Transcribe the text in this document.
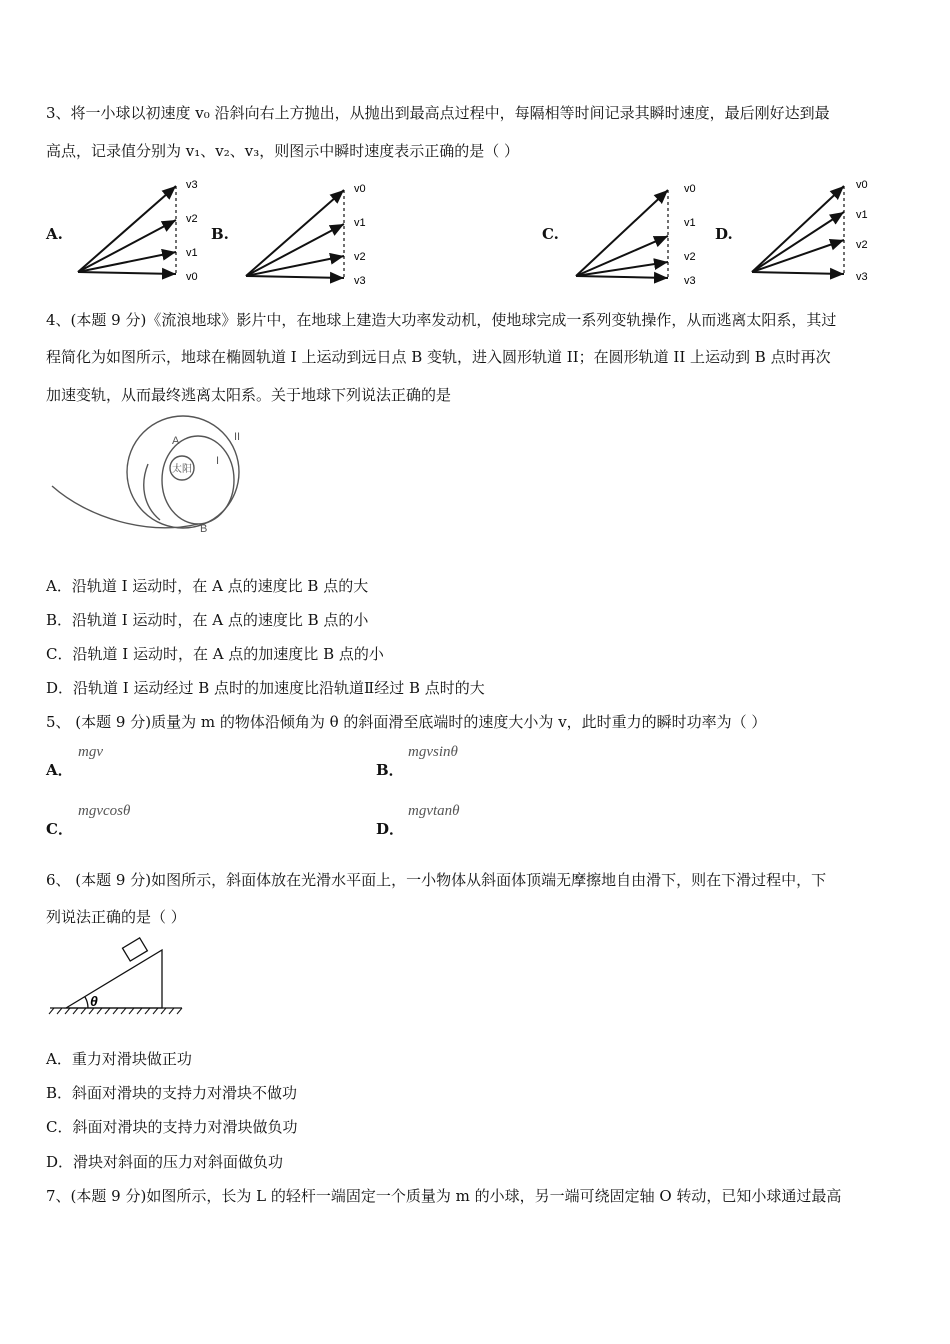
3、将一小球以初速度 v₀ 沿斜向右上方抛出，从抛出到最高点过程中，每隔相等时间记录其瞬时速度，最后刚好达到最
高点，记录值分别为 v₁、v₂、v₃，则图示中瞬时速度表示正确的是（ ）
A.
v3
v2
v1
v0
B.
v0
v1
v2
v3
C.
v0
v1
v2
v3
D.
v0
v1
v2
v3
4、(本题 9 分)《流浪地球》影片中，在地球上建造大功率发动机，使地球完成一系列变轨操作，从而逃离太阳系，其过
程简化为如图所示，地球在椭圆轨道 I 上运动到远日点 B 变轨，进入圆形轨道 II；在圆形轨道 II 上运动到 B 点时再次
加速变轨，从而最终逃离太阳系。关于地球下列说法正确的是
A
B
太阳
I
II
A．沿轨道 I 运动时，在 A 点的速度比 B 点的大
B．沿轨道 I 运动时，在 A 点的速度比 B 点的小
C．沿轨道 I 运动时，在 A 点的加速度比 B 点的小
D．沿轨道 I 运动经过 B 点时的加速度比沿轨道Ⅱ经过 B 点时的大
5、 (本题 9 分)质量为 m 的物体沿倾角为 θ 的斜面滑至底端时的速度大小为 v，此时重力的瞬时功率为（ ）
A．
mgv
B．
mgvsinθ
C．
mgvcosθ
D．
mgvtanθ
6、 (本题 9 分)如图所示，斜面体放在光滑水平面上，一小物体从斜面体顶端无摩擦地自由滑下，则在下滑过程中，下
列说法正确的是（ ）
θ
A．重力对滑块做正功
B．斜面对滑块的支持力对滑块不做功
C．斜面对滑块的支持力对滑块做负功
D．滑块对斜面的压力对斜面做负功
7、(本题 9 分)如图所示，长为 L 的轻杆一端固定一个质量为 m 的小球，另一端可绕固定轴 O 转动，已知小球通过最高
